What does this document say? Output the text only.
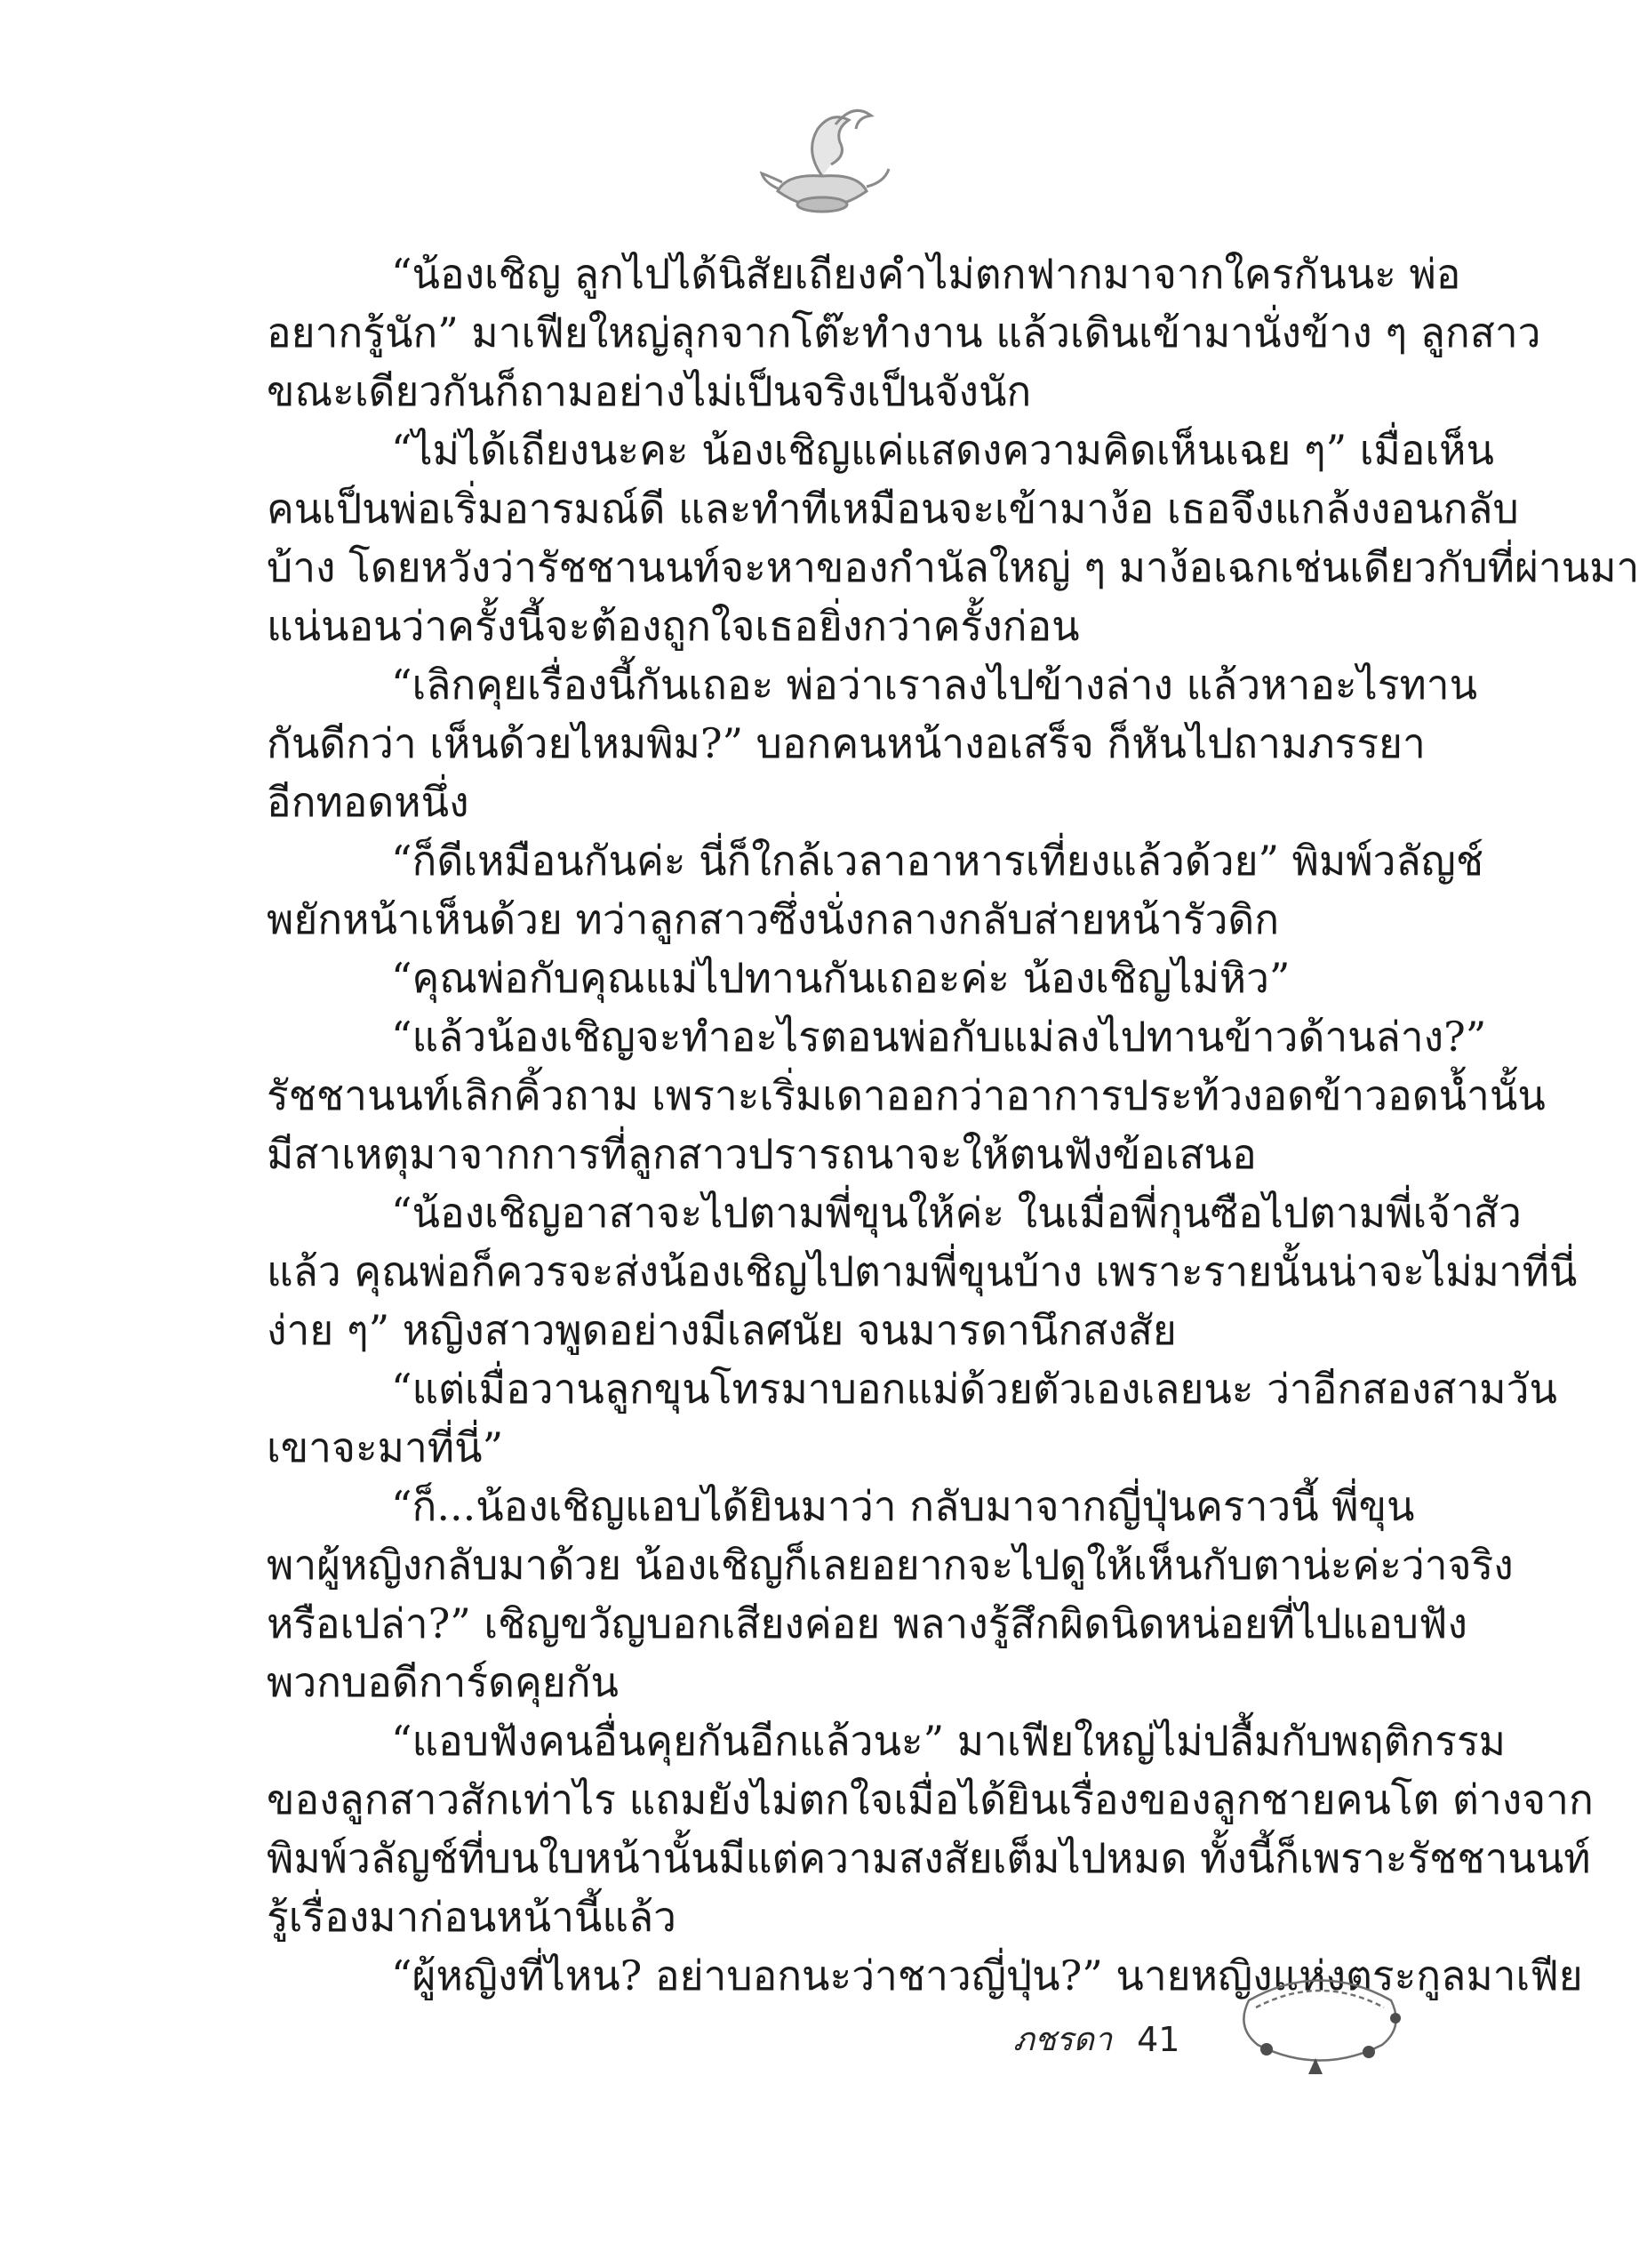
“น้องเชิญ ลูกไปได้นิสัยเถียงคำไม่ตกฟากมาจากใครกันนะ พ่อ
อยากรู้นัก” มาเฟียใหญ่ลุกจากโต๊ะทำงาน แล้วเดินเข้ามานั่งข้าง ๆ ลูกสาว
ขณะเดียวกันก็ถามอย่างไม่เป็นจริงเป็นจังนัก
“ไม่ได้เถียงนะคะ น้องเชิญแค่แสดงความคิดเห็นเฉย ๆ” เมื่อเห็น
คนเป็นพ่อเริ่มอารมณ์ดี และทำทีเหมือนจะเข้ามาง้อ เธอจึงแกล้งงอนกลับ
บ้าง โดยหวังว่ารัชชานนท์จะหาของกำนัลใหญ่ ๆ มาง้อเฉกเช่นเดียวกับที่ผ่านมา
แน่นอนว่าครั้งนี้จะต้องถูกใจเธอยิ่งกว่าครั้งก่อน
“เลิกคุยเรื่องนี้กันเถอะ พ่อว่าเราลงไปข้างล่าง แล้วหาอะไรทาน
กันดีกว่า เห็นด้วยไหมพิม?” บอกคนหน้างอเสร็จ ก็หันไปถามภรรยา
อีกทอดหนึ่ง
“ก็ดีเหมือนกันค่ะ นี่ก็ใกล้เวลาอาหารเที่ยงแล้วด้วย” พิมพ์วลัญช์
พยักหน้าเห็นด้วย ทว่าลูกสาวซึ่งนั่งกลางกลับส่ายหน้ารัวดิก
“คุณพ่อกับคุณแม่ไปทานกันเถอะค่ะ น้องเชิญไม่หิว”
“แล้วน้องเชิญจะทำอะไรตอนพ่อกับแม่ลงไปทานข้าวด้านล่าง?”
รัชชานนท์เลิกคิ้วถาม เพราะเริ่มเดาออกว่าอาการประท้วงอดข้าวอดน้ำนั้น
มีสาเหตุมาจากการที่ลูกสาวปรารถนาจะให้ตนฟังข้อเสนอ
“น้องเชิญอาสาจะไปตามพี่ขุนให้ค่ะ ในเมื่อพี่กุนซือไปตามพี่เจ้าสัว
แล้ว คุณพ่อก็ควรจะส่งน้องเชิญไปตามพี่ขุนบ้าง เพราะรายนั้นน่าจะไม่มาที่นี่
ง่าย ๆ” หญิงสาวพูดอย่างมีเลศนัย จนมารดานึกสงสัย
“แต่เมื่อวานลูกขุนโทรมาบอกแม่ด้วยตัวเองเลยนะ ว่าอีกสองสามวัน
เขาจะมาที่นี่”
“ก็...น้องเชิญแอบได้ยินมาว่า กลับมาจากญี่ปุ่นคราวนี้ พี่ขุน
พาผู้หญิงกลับมาด้วย น้องเชิญก็เลยอยากจะไปดูให้เห็นกับตาน่ะค่ะว่าจริง
หรือเปล่า?” เชิญขวัญบอกเสียงค่อย พลางรู้สึกผิดนิดหน่อยที่ไปแอบฟัง
พวกบอดีการ์ดคุยกัน
“แอบฟังคนอื่นคุยกันอีกแล้วนะ” มาเฟียใหญ่ไม่ปลื้มกับพฤติกรรม
ของลูกสาวสักเท่าไร แถมยังไม่ตกใจเมื่อได้ยินเรื่องของลูกชายคนโต ต่างจาก
พิมพ์วลัญช์ที่บนใบหน้านั้นมีแต่ความสงสัยเต็มไปหมด ทั้งนี้ก็เพราะรัชชานนท์
รู้เรื่องมาก่อนหน้านี้แล้ว
“ผู้หญิงที่ไหน? อย่าบอกนะว่าชาวญี่ปุ่น?” นายหญิงแห่งตระกูลมาเฟีย
ภชรดา 41
